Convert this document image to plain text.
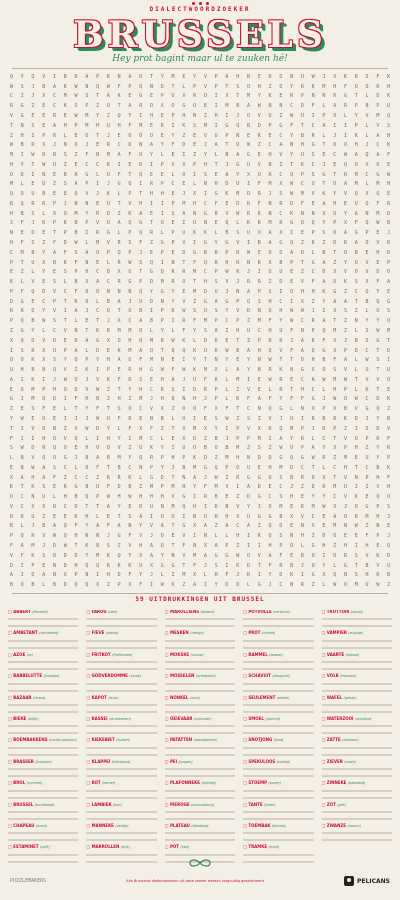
DIALECTWOORDZOEKER
BRUSSELS
Hey prot bagint maar ul te zuuken hé!
Q	Y	Q	V	I	B	D	A	P	K	N	A	U	T	Y	M	E	Y	V	P	A	H	B	E	D	O	N	U	W	J	X	K	R	S	F	K
W	S	J	B	A	K	W	N	Q	W	F	P	Q	N	D	T	L	P	V	P	T	S	O	H	Z	O	Y	R	K	M	H	F	U	O	R	H
C	I	J	X	C	M	W	S	T	A	K	E	G	E	P	U	X	R	O	I	X	T	M	Y	K	E	R	P	N	N	R	G	T	L	D	K
R	G	Z	E	C	K	S	P	Z	O	T	A	R	O	X	O	G	O	E	I	M	B	A	W	N	N	C	D	F	L	A	R	P	B	P	U
V	G	E	E	R	E	W	M	Y	Z	Q	Y	I	H	E	P	H	N	Z	H	I	J	O	V	U	Z	W	U	I	P	X	L	Y	V	M	Q
T	N	S	E	A	H	P	M	H	U	H	F	M	E	R	I	K	S	M	I	G	Q	B	D	P	G	F	T	C	A	I	I	P	L	V	S
Z	H	I	P	R	L	E	O	T	J	E	O	O	O	E	Y	Z	E	V	U	P	N	E	K	E	C	Y	B	R	L	J	I	K	L	A	H
W	B	R	X	J	N	O	J	E	R	C	D	N	A	Y	F	D	E	J	A	T	U	W	Z	C	A	N	H	G	T	D	O	H	J	C	K
M	I	W	R	B	S	Z	F	N	M	A	F	U	Y	L	E	I	Z	Y	L	N	A	G	E	H	V	Y	U	S	E	C	W	A	Q	A	F
H	Y	T	W	U	Z	E	C	C	K	I	E	D	I	P	V	X	P	H	T	J	G	U	V	B	Z	T	K	C	J	E	Q	U	V	O	E
O	D	I	N	E	B	R	G	L	U	F	T	Q	E	E	L	O	I	S	E	A	Y	X	U	R	C	Q	P	S	G	T	R	M	C	G	W
M	L	E	U	Z	S	A	P	I	J	G	Q	I	R	P	C	E	L	N	H	D	U	I	F	M	X	W	C	U	T	D	A	M	L	M	H
Q	O	U	B	E	E	Q	V	J	K	L	P	T	H	H	E	J	X	I	G	K	M	D	R	J	S	W	M	V	K	Y	V	Q	X	Q	E
B	Q	R	R	P	J	N	N	E	U	T	V	H	I	I	P	M	H	C	F	E	D	R	F	N	R	D	F	E	A	H	E	U	O	F	R
H	B	S	L	X	O	M	Y	R	D	Z	K	A	E	I	S	A	N	G	B	V	W	R	K	N	C	K	N	N	X	U	Y	A	N	M	D
J	F	J	K	P	K	B	P	V	U	A	Q	G	T	O	E	I	U	N	E	Q	L	K	R	M	R	G	O	Q	Y	P	X	F	Q	W	B
N	E	O	E	T	P	B	I	R	G	L	P	Q	R	L	P	U	K	K	L	B	S	U	O	A	X	I	E	P	S	O	A	G	P	E	J
H	F	S	Z	F	D	W	L	M	V	R	S	F	Z	G	P	V	I	G	Y	G	V	I	B	A	G	Q	Z	K	Z	D	R	A	O	V	R
C	M	B	Y	A	F	S	A	O	P	Q	P	J	E	P	E	D	G	B	R	P	R	W	E	O	O	A	D	L	B	T	O	B	E	H	D
P	T	U	X	B	K	F	N	E	L	R	W	S	Q	I	N	T	F	Q	R	H	R	N	R	X	B	P	T	G	A	Z	Y	U	V	E	P
E	Z	L	Y	E	S	P	H	C	D	X	U	T	G	Q	R	R	M	C	P	W	R	J	I	U	U	E	Z	C	D	X	V	O	V	D	O
K	L	V	E	S	L	B	X	A	C	R	G	P	D	M	R	O	T	H	S	V	J	R	R	Z	D	E	V	F	A	U	K	S	X	F	A
P	F	Q	D	V	C	F	O	O	N	N	N	Q	Y	G	Y	E	M	D	U	J	N	A	P	S	I	O	H	H	K	G	Z	C	O	Y	E
D	G	E	C	P	T	K	O	L	B	A	J	U	D	N	Y	V	Z	G	A	G	P	Q	S	H	C	I	X	Z	Y	A	A	T	B	Q	G
R	R	O	Y	V	I	A	J	C	O	T	O	B	I	P	K	W	S	O	S	Y	V	D	N	U	H	W	W	J	I	X	S	Z	L	U	S
P	Q	B	W	S	T	L	E	T	J	X	C	A	B	P	I	R	F	M	P	C	P	Z	M	F	Y	W	C	R	A	T	Z	N	Y	Y	Q
Z	G	Y	L	C	V	N	T	K	R	M	M	O	L	Y	L	F	Y	S	A	Z	H	U	C	H	U	F	N	P	Q	M	Z	L	S	W	M
X	Q	D	V	D	E	D	A	G	X	O	H	Q	M	R	W	K	L	D	D	E	T	Z	P	R	R	J	A	K	F	X	J	B	S	G	T
I	S	R	X	U	P	A	L	D	E	K	M	A	Q	T	Q	Q	K	U	K	W	B	A	H	Q	V	F	A	Q	G	X	P	D	C	T	D
Q	O	K	X	S	Y	Q	P	Y	H	A	U	F	M	N	E	I	Y	T	N	Y	E	Y	N	W	T	T	D	H	B	F	A	L	W	S	I
U	H	B	B	Q	V	Z	K	I	P	E	R	H	G	W	F	W	K	M	X	L	A	Y	B	R	K	B	G	X	O	S	V	L	U	T	U
A	I	K	I	J	W	U	J	V	K	F	D	S	E	H	A	J	U	F	R	L	M	I	E	W	R	E	C	A	W	M	W	T	V	V	O
E	O	M	P	H	O	D	V	W	Z	T	Y	H	C	R	S	I	D	R	P	L	Z	V	E	L	R	T	H	C	L	H	P	L	K	T	E
G	J	M	Q	D	I	F	H	B	J	H	Z	M	J	H	Q	N	H	J	P	L	K	F	A	F	Y	F	F	G	J	W	O	W	C	D	K
Z	E	S	F	E	L	T	Y	F	T	S	O	C	V	X	Z	O	O	F	X	F	T	C	N	Q	G	L	N	X	P	V	B	V	G	Q	Z
Y	W	E	U	E	I	J	J	W	U	F	R	E	N	B	L	U	I	E	S	W	Z	S	Z	V	J	U	I	R	B	R	K	D	J	Y	B
T	I	V	O	N	Z	V	W	D	Y	L	F	X	F	Z	T	V	M	X	Y	I	P	V	X	K	Q	M	P	J	D	P	Z	J	S	D	V
F	I	I	H	O	V	Q	L	I	H	Y	I	M	C	L	E	X	D	Z	B	J	P	P	M	I	A	Y	R	L	C	T	V	U	P	R	F
S	W	D	R	Q	O	E	H	O	O	V	Z	U	K	Y	I	U	O	B	O	B	M	Z	S	Z	W	U	P	A	Y	X	P	H	Z	Y	R
L	N	V	Q	O	G	J	B	A	B	M	Y	Q	R	P	H	P	K	D	Z	M	H	N	D	Q	G	Q	G	W	R	Z	M	E	U	Y	P
E	B	W	A	S	C	L	O	F	T	B	C	N	P	Y	J	B	M	G	Q	P	O	U	E	H	M	D	C	T	L	C	H	T	C	B	K
X	A	H	A	F	Z	C	C	Z	R	R	K	L	G	D	T	N	A	J	W	Z	R	G	G	U	S	B	R	O	X	T	V	N	P	H	F
K	T	K	S	E	R	G	B	U	F	D	B	Z	M	P	M	H	Y	F	M	V	I	A	D	E	C	J	Z	D	R	M	U	J	I	V	H
O	C	N	U	L	H	B	Q	P	W	H	W	H	H	H	V	G	I	R	B	E	Z	D	G	C	S	H	E	Y	Y	C	V	K	E	Q	O
V	C	X	X	R	C	D	T	T	A	Y	E	D	U	N	M	Q	H	I	D	N	V	Y	J	O	M	E	K	M	W	X	J	O	G	P	S
D	R	U	Z	E	E	K	H	L	E	T	S	A	I	U	U	I	N	O	H	H	X	U	G	G	B	X	V	C	E	A	O	R	M	H	J
B	L	J	B	A	Q	F	Y	A	F	A	N	Y	V	A	T	G	X	A	Z	A	C	A	Z	Q	D	E	N	X	E	M	N	W	Z	N	E
P	Q	R	V	W	Q	H	N	N	J	G	F	V	J	O	E	V	I	N	L	L	H	I	K	Q	S	N	H	I	D	O	E	E	F	P	J
F	A	M	J	D	W	T	K	B	S	Z	V	H	A	U	T	F	N	X	A	P	Z	I	I	H	P	O	L	G	H	Z	H	I	H	E	Q
V	F	K	S	O	D	D	Y	M	K	Q	Y	X	A	Y	N	V	M	A	G	G	W	O	V	A	F	E	B	U	I	U	R	S	V	K	D
D	I	P	E	N	D	H	Q	Q	R	K	K	U	X	G	G	T	F	J	S	I	K	D	T	F	R	B	J	U	Y	L	G	T	B	V	U
A	J	O	A	N	X	P	N	I	H	D	F	Y	J	L	Z	M	X	L	H	F	J	R	I	Y	D	K	I	G	X	Q	N	S	H	R	B
B	U	B	L	B	D	Q	Q	X	Z	P	X	F	I	W	K	Z	A	I	Y	D	D	L	G	J	C	N	R	Z	L	W	O	M	U	W	Z
59 UITDRUKKINGEN UIT BRUSSEL
□ ABBERT (Herbert)
□ AMBETANT (vervelend)
□ AZOE (zo)
□ BABBELUTTE (snoepje)
□ BAZAAR (chaos)
□ BIEKE (bijtje)
□ BOEMBAKKENS (mollig persoon)
□ BRASSER (brouwer)
□ BROL (rommel)
□ BRUSSEL (hoofdstad)
□ CHAPEAU (hoed)
□ ESTAMINET (café)
□ FAROU (bier)
□ FIEVE (nieuw)
□ FRITKOT (frietkraam)
□ GODVERDOMME (vloek)
□ KAPOT (stuk)
□ KASSEI (straatsteen)
□ KIEKEBIET (kuiken)
□ KLAPPEI (kletskous)
□ KOT (kamer)
□ LAMBIEK (bier)
□ MANNEKE (ventje)
□ MARROLLEN (wijk)
□ MAROLLIENS (dialect)
□ MESKEN (meisje)
□ MOKSKE (vrouw)
□ MOSSELEN (schelpdier)
□ NONKEL (oom)
□ OEIEVAAR (ooievaar)
□ PATATTEN (aardappelen)
□ PEI (jongen)
□ PLAFONNEKE (kleintje)
□ PIEROGE (schouwburg)
□ PLATEAU (dienblad)
□ POT (kan)
□ POTVOLLE (verdorie)
□ PROT (vriend)
□ RAMMEL (lawaai)
□ SCHAVUIT (deugniet)
□ SEULEMENT (alleen)
□ SMOEL (gezicht)
□ SNOTJONG (kind)
□ SPEKULOOS (koekje)
□ STOEMP (puree)
□ TANTE (tante)
□ TOEMBAK (kermis)
□ TRAMKE (tram)
□ TROTTOIR (stoep)
□ VAMPIER (zuiplap)
□ VAARTE (kanaal)
□ VOLK (mensen)
□ WAFEL (gebak)
□ WATERZOOI (stoofpot)
□ ZATTE (dronken)
□ ZIEVER (onzin)
□ ZINNEKE (bastaard)
□ ZOT (gek)
□ ZWANZE (humor)
PUZZLEMAKERS	Alle Brusselse dialectwoorden uit deze zoeker werden zorgvuldig geselecteerd	PELICANS
